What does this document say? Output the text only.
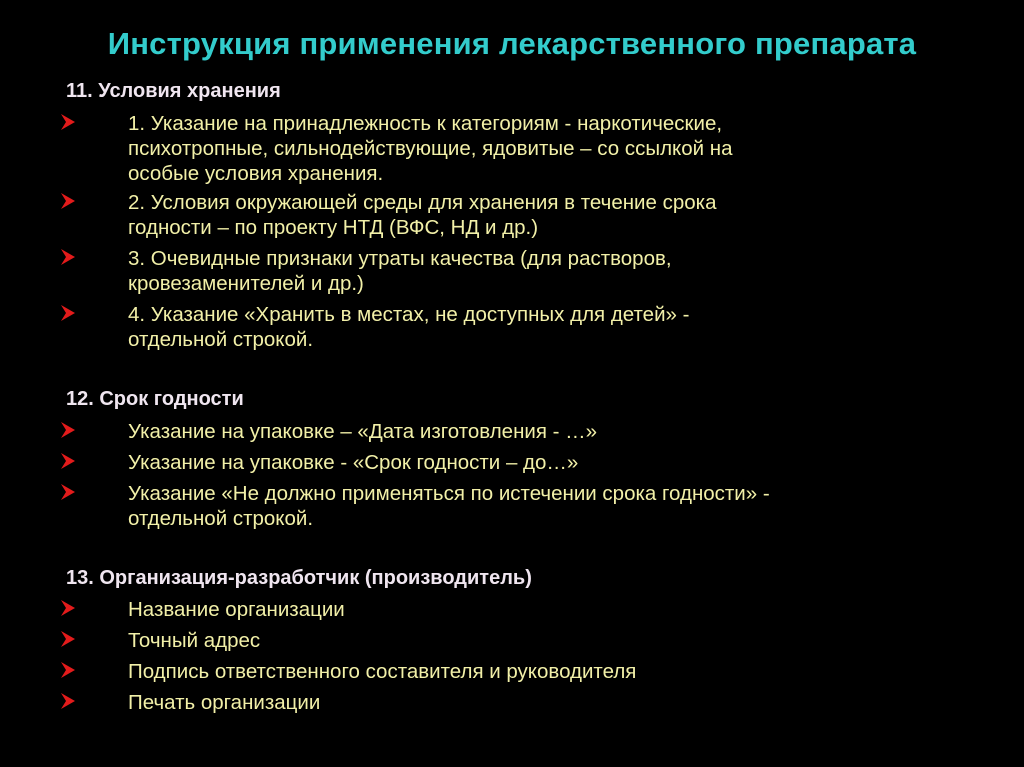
Инструкция применения лекарственного препарата
11. Условия хранения
1. Указание на принадлежность к категориям - наркотические,
психотропные, сильнодействующие, ядовитые – со ссылкой на
особые условия хранения.
2. Условия окружающей среды для хранения в течение срока
годности – по проекту НТД (ВФС, НД и др.)
3. Очевидные признаки утраты качества (для растворов,
кровезаменителей и др.)
4. Указание «Хранить в местах, не доступных для детей» -
отдельной строкой.
12. Срок годности
Указание на упаковке – «Дата изготовления - …»
Указание на упаковке - «Срок годности – до…»
Указание «Не должно применяться по истечении срока годности» -
отдельной строкой.
13. Организация-разработчик (производитель)
Название организации
Точный адрес
Подпись ответственного составителя и руководителя
Печать организации
